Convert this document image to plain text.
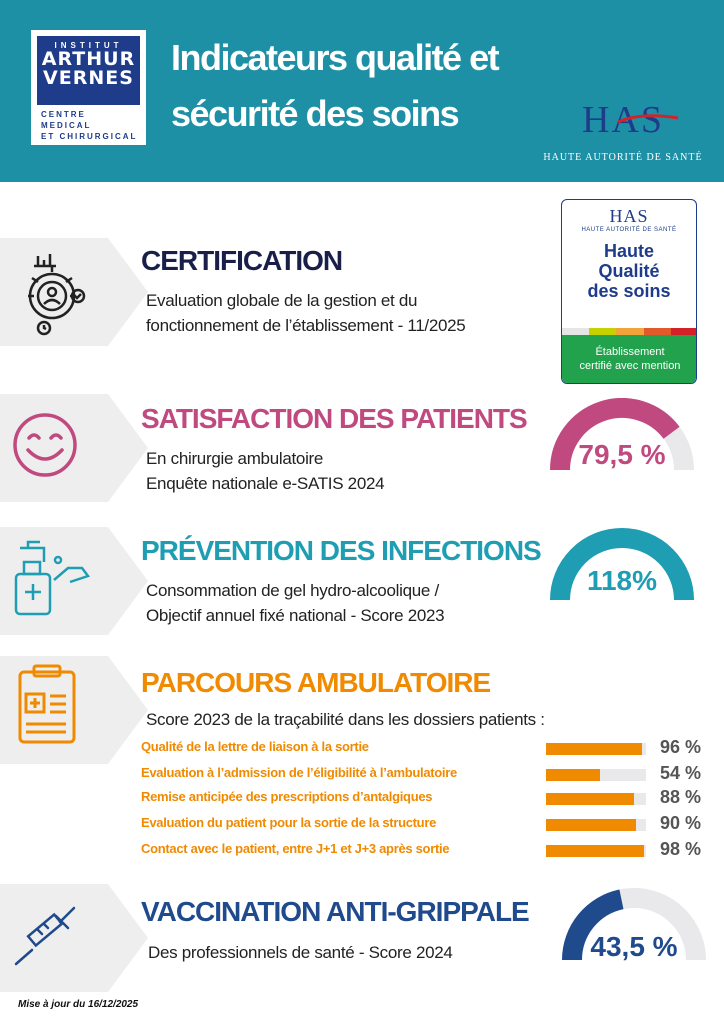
INSTITUT
ARTHUR
VERNES
CENTRE MEDICAL
ET CHIRURGICAL
Indicateurs qualité et
sécurité des soins	HAS
HAUTE AUTORITÉ DE SANTÉ
CERTIFICATION
Evaluation globale de la gestion et du
fonctionnement de l’établissement - 11/2025
HAS
HAUTE AUTORITÉ DE SANTÉ
Haute
Qualité
des soins
Établissement
certifié avec mention
SATISFACTION DES PATIENTS
En chirurgie ambulatoire
Enquête nationale e-SATIS 2024
79,5 %
PRÉVENTION DES INFECTIONS
Consommation de gel hydro-alcoolique /
Objectif annuel fixé national - Score 2023
118%
PARCOURS AMBULATOIRE
Score 2023 de la traçabilité dans les dossiers patients :
Qualité de la lettre de liaison à la sortie	96 %
Evaluation à l’admission de l’éligibilité à l’ambulatoire	54 %
Remise anticipée des prescriptions d’antalgiques	88 %
Evaluation du patient pour la sortie de la structure	90 %
Contact avec le patient, entre J+1 et J+3 après sortie	98 %
VACCINATION ANTI-GRIPPALE
Des professionnels de santé - Score 2024	43,5 %
Mise à jour du 16/12/2025
